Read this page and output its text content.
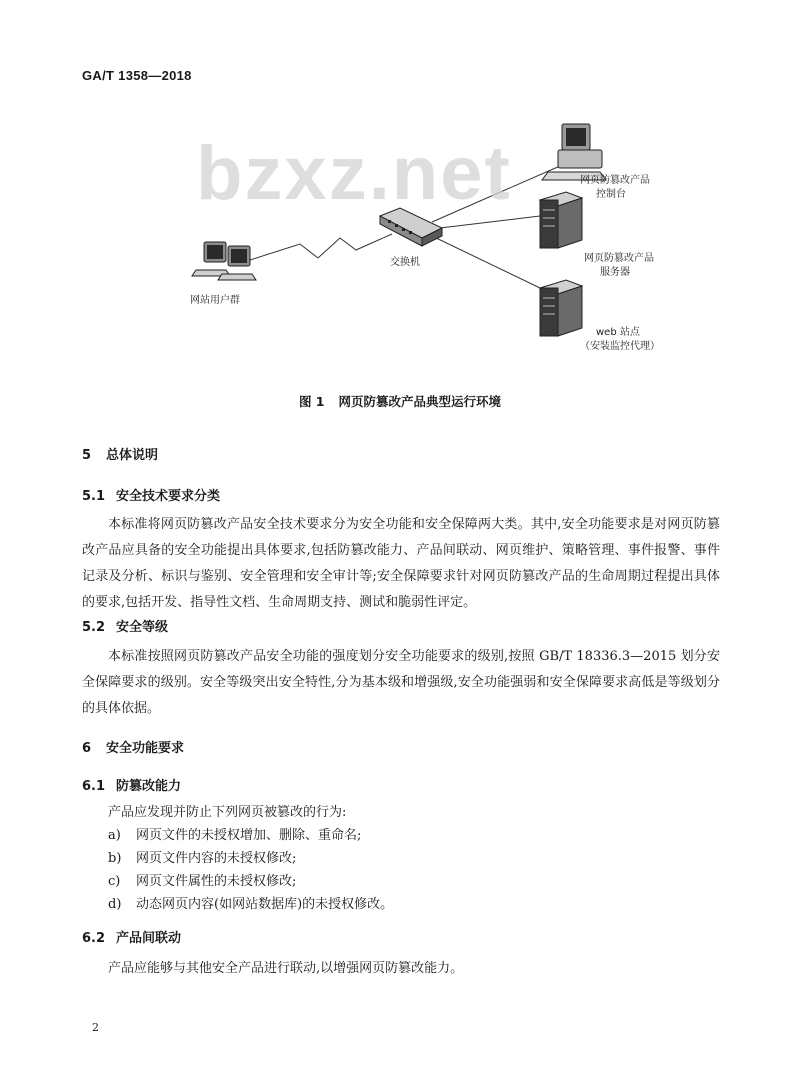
GA/T 1358—2018
网页防篡改产品
控制台
网页防篡改产品
服务器
交换机
网站用户群
web 站点
（安装监控代理）
bzxz.net
图 1 网页防篡改产品典型运行环境
5 总体说明
5.1 安全技术要求分类
本标准将网页防篡改产品安全技术要求分为安全功能和安全保障两大类。其中,安全功能要求是对网页防篡改产品应具备的安全功能提出具体要求,包括防篡改能力、产品间联动、网页维护、策略管理、事件报警、事件记录及分析、标识与鉴别、安全管理和安全审计等;安全保障要求针对网页防篡改产品的生命周期过程提出具体的要求,包括开发、指导性文档、生命周期支持、测试和脆弱性评定。
5.2 安全等级
本标准按照网页防篡改产品安全功能的强度划分安全功能要求的级别,按照 GB/T 18336.3—2015 划分安全保障要求的级别。安全等级突出安全特性,分为基本级和增强级,安全功能强弱和安全保障要求高低是等级划分的具体依据。
6 安全功能要求
6.1 防篡改能力
产品应发现并防止下列网页被篡改的行为:
a) 网页文件的未授权增加、删除、重命名;
b) 网页文件内容的未授权修改;
c) 网页文件属性的未授权修改;
d) 动态网页内容(如网站数据库)的未授权修改。
6.2 产品间联动
产品应能够与其他安全产品进行联动,以增强网页防篡改能力。
2
